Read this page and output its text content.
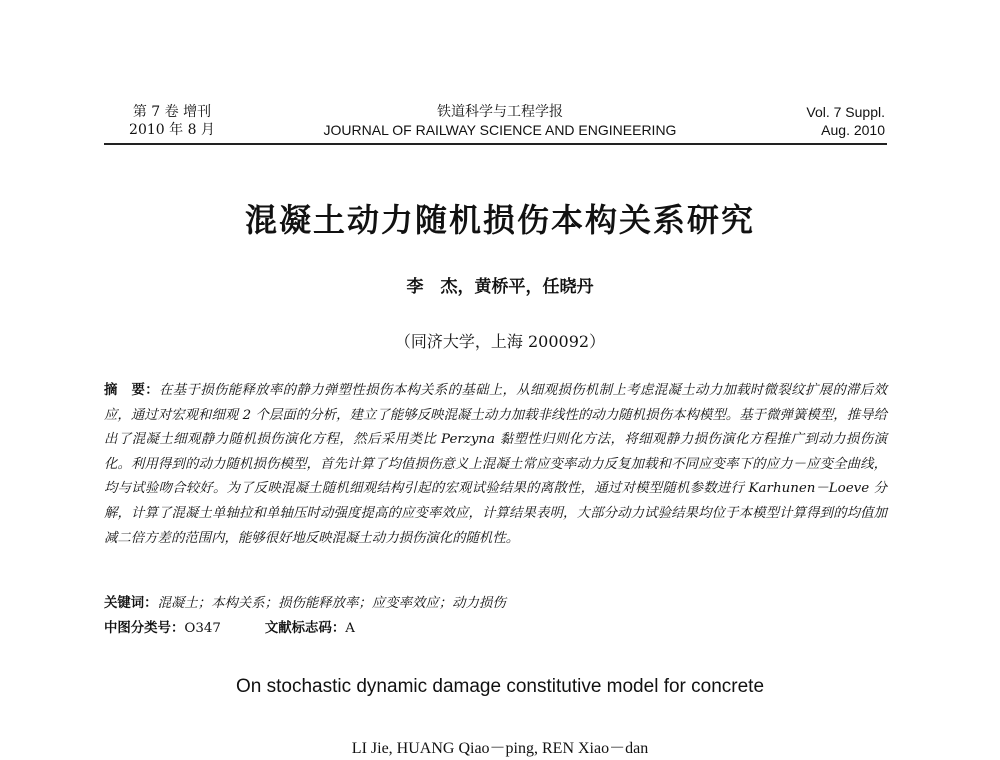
第 7 卷 增刊
2010 年 8 月
铁道科学与工程学报
JOURNAL OF RAILWAY SCIENCE AND ENGINEERING
Vol. 7 Suppl.
Aug. 2010
混凝土动力随机损伤本构关系研究
李　杰，黄桥平，任晓丹
（同济大学，上海 200092）
摘　要：在基于损伤能释放率的静力弹塑性损伤本构关系的基础上，从细观损伤机制上考虑混凝土动力加载时微裂纹扩展的滞后效应，通过对宏观和细观 2 个层面的分析，建立了能够反映混凝土动力加载非线性的动力随机损伤本构模型。基于微弹簧模型，推导给出了混凝土细观静力随机损伤演化方程，然后采用类比 Perzyna 黏塑性归则化方法，将细观静力损伤演化方程推广到动力损伤演化。利用得到的动力随机损伤模型，首先计算了均值损伤意义上混凝土常应变率动力反复加载和不同应变率下的应力－应变全曲线，均与试验吻合较好。为了反映混凝土随机细观结构引起的宏观试验结果的离散性，通过对模型随机参数进行 Karhunen－Loeve 分解，计算了混凝土单轴拉和单轴压时动强度提高的应变率效应，计算结果表明，大部分动力试验结果均位于本模型计算得到的均值加减二倍方差的范围内，能够很好地反映混凝土动力损伤演化的随机性。
关键词：混凝土；本构关系；损伤能释放率；应变率效应；动力损伤
中图分类号：O347	文献标志码：A
On stochastic dynamic damage constitutive model for concrete
LI Jie, HUANG Qiao－ping, REN Xiao－dan
